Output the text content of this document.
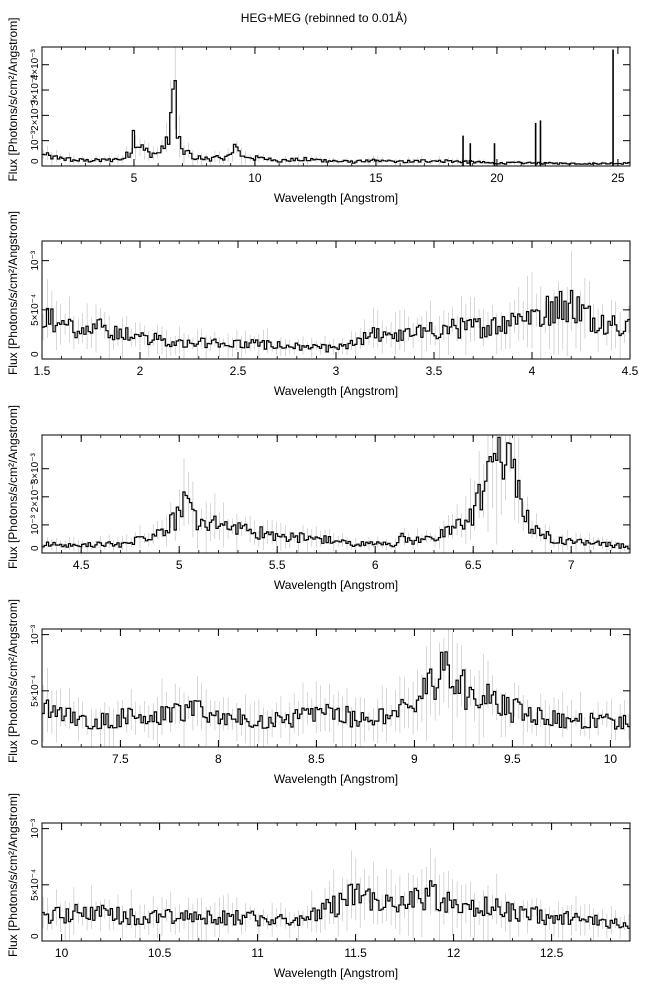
HEG+MEG (rebinned to 0.01Å)
5	10	15	20	25
10⁻³
2×10⁻³
3×10⁻³
4×10⁻³
0
Wavelength [Angstrom]
Flux [Photons/s/cm²/Angstrom]
1.5	2	2.5	3	3.5	4	4.5
5×10⁻⁴
10⁻³
0
Wavelength [Angstrom]
Flux [Photons/s/cm²/Angstrom]
4.5	5	5.5	6	6.5	7
10⁻³
2×10⁻³
3×10⁻³
0
Wavelength [Angstrom]
Flux [Photons/s/cm²/Angstrom]
7.5	8	8.5	9	9.5	10
5×10⁻⁴
10⁻³
0
Wavelength [Angstrom]
Flux [Photons/s/cm²/Angstrom]
10	10.5	11	11.5	12	12.5
5×10⁻⁴
10⁻³
0
Wavelength [Angstrom]
Flux [Photons/s/cm²/Angstrom]
